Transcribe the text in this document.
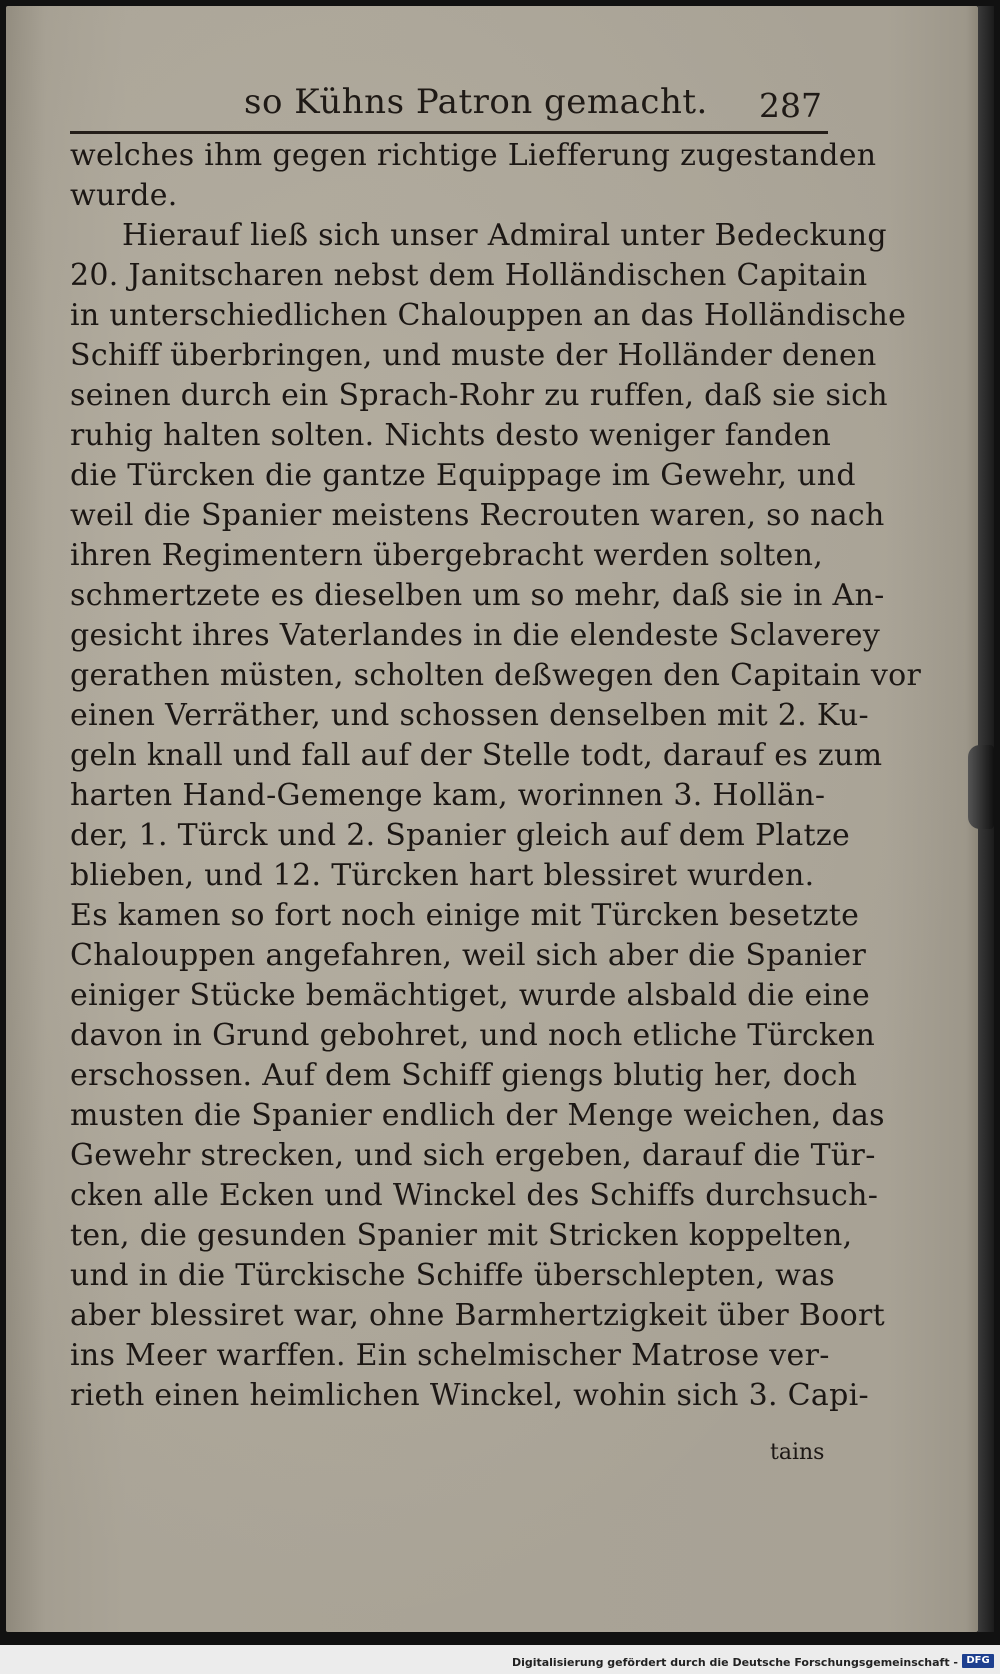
so Kühns Patron gemacht. 287
welches ihm gegen richtige Liefferung zugestanden
wurde.
Hierauf ließ sich unser Admiral unter Bedeckung
20. Janitscharen nebst dem Holländischen Capitain
in unterschiedlichen Chalouppen an das Holländische
Schiff überbringen, und muste der Holländer denen
seinen durch ein Sprach-Rohr zu ruffen, daß sie sich
ruhig halten solten. Nichts desto weniger fanden
die Türcken die gantze Equippage im Gewehr, und
weil die Spanier meistens Recrouten waren, so nach
ihren Regimentern übergebracht werden solten,
schmertzete es dieselben um so mehr, daß sie in An-
gesicht ihres Vaterlandes in die elendeste Sclaverey
gerathen müsten, scholten deßwegen den Capitain vor
einen Verräther, und schossen denselben mit 2. Ku-
geln knall und fall auf der Stelle todt, darauf es zum
harten Hand-Gemenge kam, worinnen 3. Hollän-
der, 1. Türck und 2. Spanier gleich auf dem Platze
blieben, und 12. Türcken hart blessiret wurden.
Es kamen so fort noch einige mit Türcken besetzte
Chalouppen angefahren, weil sich aber die Spanier
einiger Stücke bemächtiget, wurde alsbald die eine
davon in Grund gebohret, und noch etliche Türcken
erschossen. Auf dem Schiff giengs blutig her, doch
musten die Spanier endlich der Menge weichen, das
Gewehr strecken, und sich ergeben, darauf die Tür-
cken alle Ecken und Winckel des Schiffs durchsuch-
ten, die gesunden Spanier mit Stricken koppelten,
und in die Türckische Schiffe überschlepten, was
aber blessiret war, ohne Barmhertzigkeit über Boort
ins Meer warffen. Ein schelmischer Matrose ver-
rieth einen heimlichen Winckel, wohin sich 3. Capi-
tains
Digitalisierung gefördert durch die Deutsche Forschungsgemeinschaft - DFG
